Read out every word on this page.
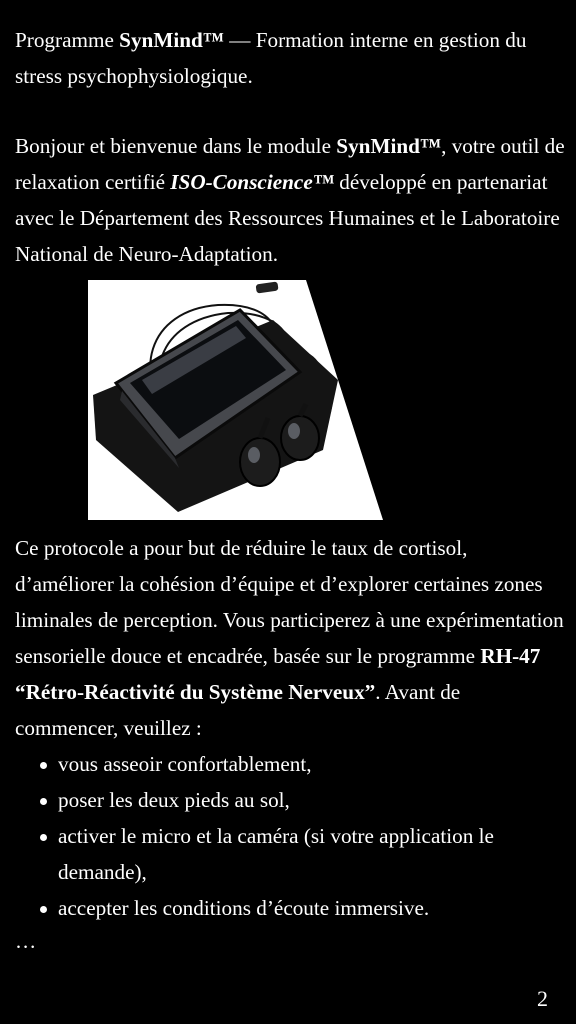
Programme SynMind™ — Formation interne en gestion du stress psychophysiologique.

Bonjour et bienvenue dans le module SynMind™, votre outil de relaxation certifié ISO-Conscience™ développé en partenariat avec le Département des Ressources Humaines et le Laboratoire National de Neuro-Adaptation.

Ce protocole a pour but de réduire le taux de cortisol, d’améliorer la cohésion d’équipe et d’explorer certaines zones liminales de perception. Vous participerez à une expérimentation sensorielle douce et encadrée, basée sur le programme RH-47 “Rétro-Réactivité du Système Nerveux”. Avant de commencer, veuillez :

vous asseoir confortablement,
poser les deux pieds au sol,
activer le micro et la caméra (si votre application le demande),
accepter les conditions d’écoute immersive.
…
2
